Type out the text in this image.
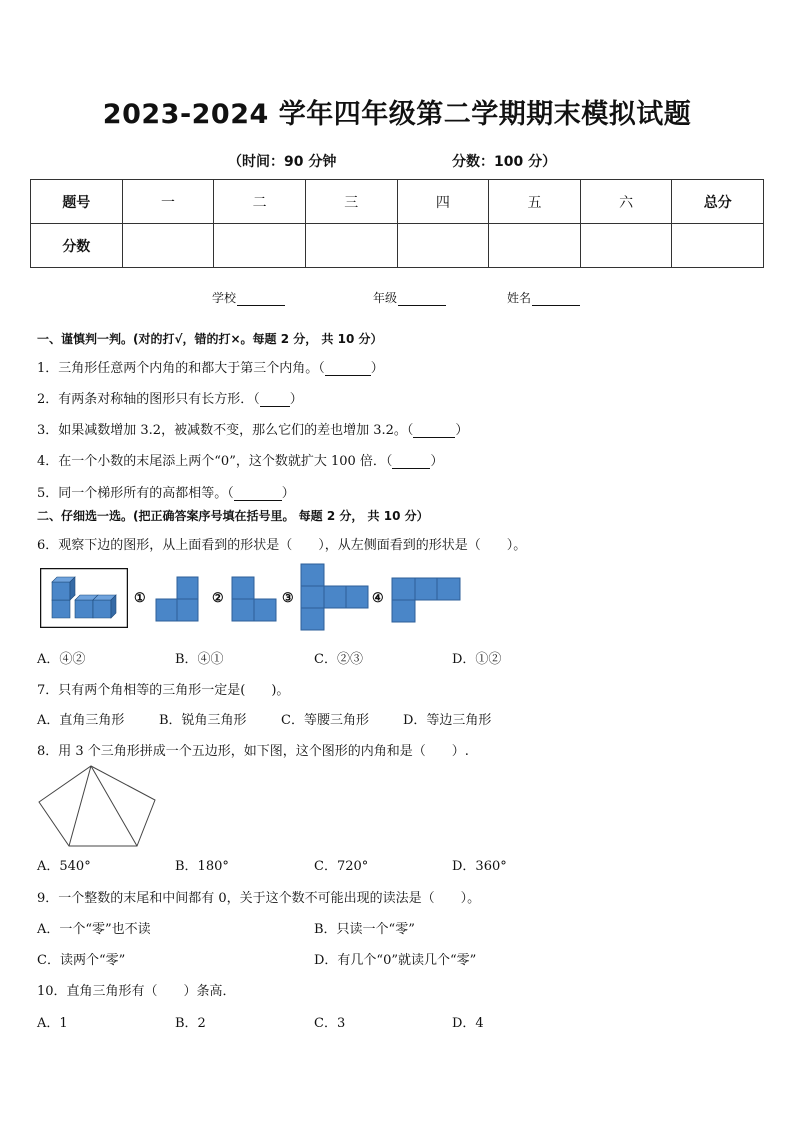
2023-2024 学年四年级第二学期期末模拟试题
（时间：90 分钟	分数：100 分）
题号	一	二	三	四	五	六	总分
分数							
学校	年级	姓名
一、谨慎判一判。(对的打√，错的打×。每题 2 分， 共 10 分）
1．三角形任意两个内角的和都大于第三个内角。（	）
2．有两条对称轴的图形只有长方形．（ ）
3．如果减数增加 3.2，被减数不变，那么它们的差也增加 3.2。（	）
4．在一个小数的末尾添上两个“0”，这个数就扩大 100 倍．（	）
5．同一个梯形所有的高都相等。（	）
二、仔细选一选。(把正确答案序号填在括号里。 每题 2 分， 共 10 分）
6．观察下边的图形，从上面看到的形状是（　　），从左侧面看到的形状是（　　）。
①	②	③	④
A．④②	B．④①	C．②③	D．①②
7．只有两个角相等的三角形一定是(　　)。
A．直角三角形	B．锐角三角形	C．等腰三角形	D．等边三角形
8．用 3 个三角形拼成一个五边形，如下图，这个图形的内角和是（　　）.
A．540°	B．180°	C．720°	D．360°
9．一个整数的末尾和中间都有 0，关于这个数不可能出现的读法是（　　）。
A．一个“零”也不读	B．只读一个“零”
C．读两个“零”	D．有几个“0”就读几个“零”
10．直角三角形有（　　）条高．
A．1	B．2	C．3	D．4
